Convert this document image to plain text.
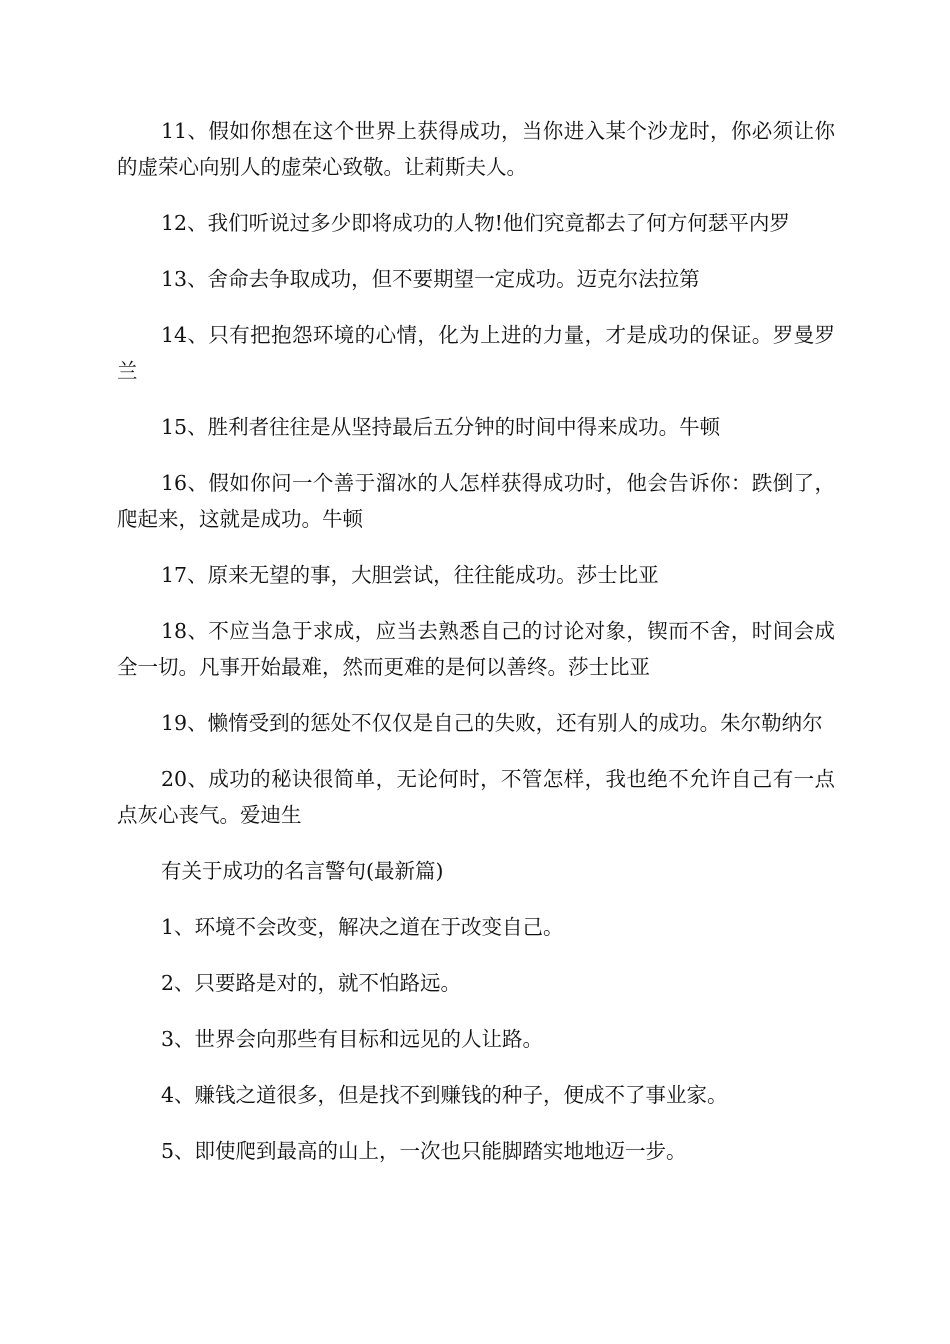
11、假如你想在这个世界上获得成功，当你进入某个沙龙时，你必须让你的虚荣心向别人的虚荣心致敬。让莉斯夫人。

12、我们听说过多少即将成功的人物!他们究竟都去了何方何瑟平内罗

13、舍命去争取成功，但不要期望一定成功。迈克尔法拉第

14、只有把抱怨环境的心情，化为上进的力量，才是成功的保证。罗曼罗兰

15、胜利者往往是从坚持最后五分钟的时间中得来成功。牛顿

16、假如你问一个善于溜冰的人怎样获得成功时，他会告诉你：跌倒了，爬起来，这就是成功。牛顿

17、原来无望的事，大胆尝试，往往能成功。莎士比亚

18、不应当急于求成，应当去熟悉自己的讨论对象，锲而不舍，时间会成全一切。凡事开始最难，然而更难的是何以善终。莎士比亚

19、懒惰受到的惩处不仅仅是自己的失败，还有别人的成功。朱尔勒纳尔

20、成功的秘诀很简单，无论何时，不管怎样，我也绝不允许自己有一点点灰心丧气。爱迪生

有关于成功的名言警句(最新篇)

1、环境不会改变，解决之道在于改变自己。

2、只要路是对的，就不怕路远。

3、世界会向那些有目标和远见的人让路。

4、赚钱之道很多，但是找不到赚钱的种子，便成不了事业家。

5、即使爬到最高的山上，一次也只能脚踏实地地迈一步。
